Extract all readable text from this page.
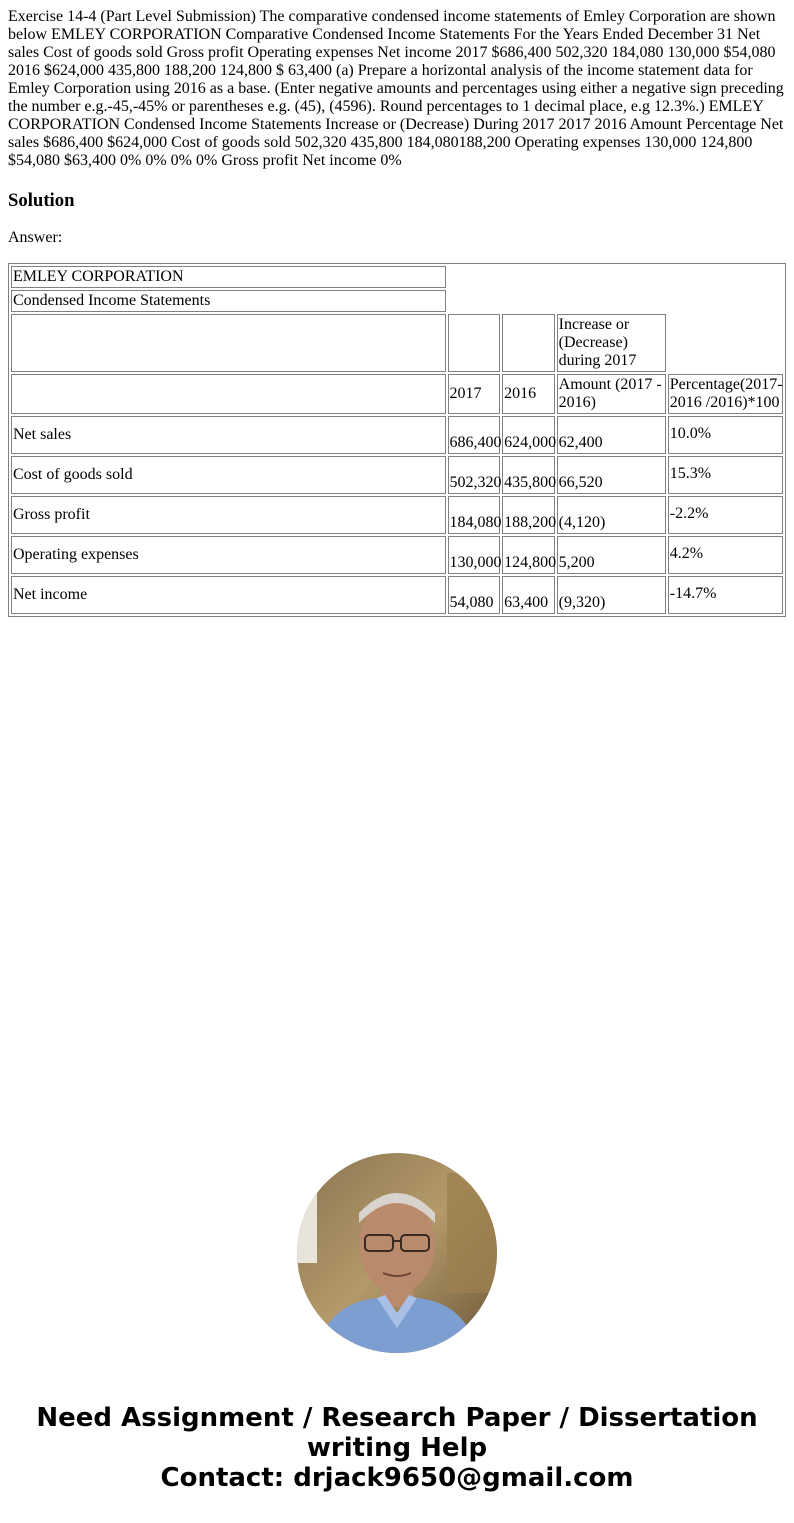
Exercise 14-4 (Part Level Submission) The comparative condensed income statements of Emley Corporation are shown below EMLEY CORPORATION Comparative Condensed Income Statements For the Years Ended December 31 Net sales Cost of goods sold Gross profit Operating expenses Net income 2017 $686,400 502,320 184,080 130,000 $54,080 2016 $624,000 435,800 188,200 124,800 $ 63,400 (a) Prepare a horizontal analysis of the income statement data for Emley Corporation using 2016 as a base. (Enter negative amounts and percentages using either a negative sign preceding the number e.g.-45,-45% or parentheses e.g. (45), (4596). Round percentages to 1 decimal place, e.g 12.3%.) EMLEY CORPORATION Condensed Income Statements Increase or (Decrease) During 2017 2017 2016 Amount Percentage Net sales $686,400 $624,000 Cost of goods sold 502,320 435,800 184,080188,200 Operating expenses 130,000 124,800 $54,080 $63,400 0% 0% 0% 0% Gross profit Net income 0%

Solution

Answer:

EMLEY CORPORATION				
Condensed Income Statements				
			Increase or (Decrease) during 2017	
	2017	2016	Amount (2017 - 2016)	Percentage(2017-2016 /2016)*100
Net sales	686,400	624,000	62,400	10.0%
Cost of goods sold	502,320	435,800	66,520	15.3%
Gross profit	184,080	188,200	(4,120)	-2.2%
Operating expenses	130,000	124,800	5,200	4.2%
Net income	54,080	63,400	(9,320)	-14.7%
Need Assignment / Research Paper / Dissertation
writing Help
Contact: drjack9650@gmail.com
